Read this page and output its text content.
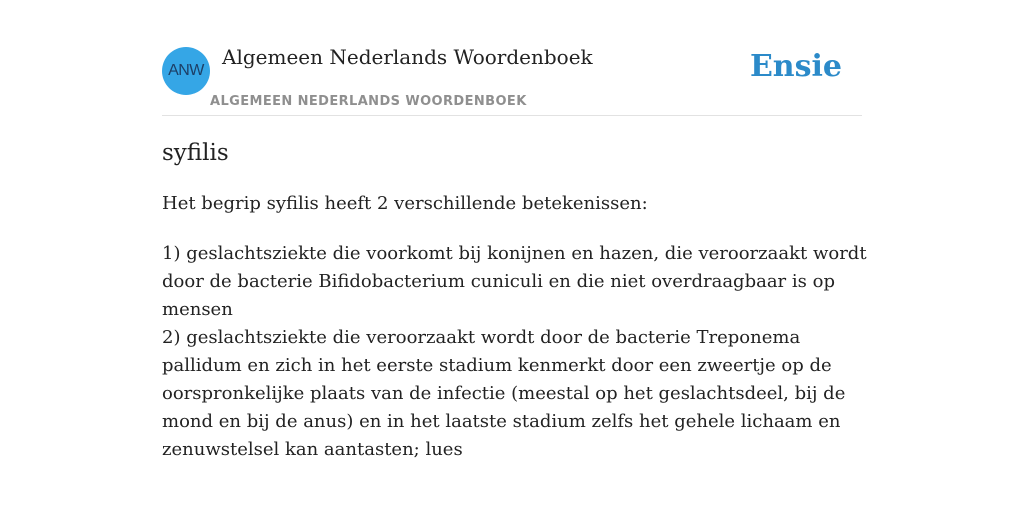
ANW
Algemeen Nederlands Woordenboek
ALGEMEEN NEDERLANDS WOORDENBOEK
Ensie
syfilis

Het begrip syfilis heeft 2 verschillende betekenissen:

1) geslachtsziekte die voorkomt bij konijnen en hazen, die veroorzaakt wordt door de bacterie Bifidobacterium cuniculi en die niet overdraagbaar is op mensen
2) geslachtsziekte die veroorzaakt wordt door de bacterie Treponema pallidum en zich in het eerste stadium kenmerkt door een zweertje op de oorspronkelijke plaats van de infectie (meestal op het geslachtsdeel, bij de mond en bij de anus) en in het laatste stadium zelfs het gehele lichaam en zenuwstelsel kan aantasten; lues
